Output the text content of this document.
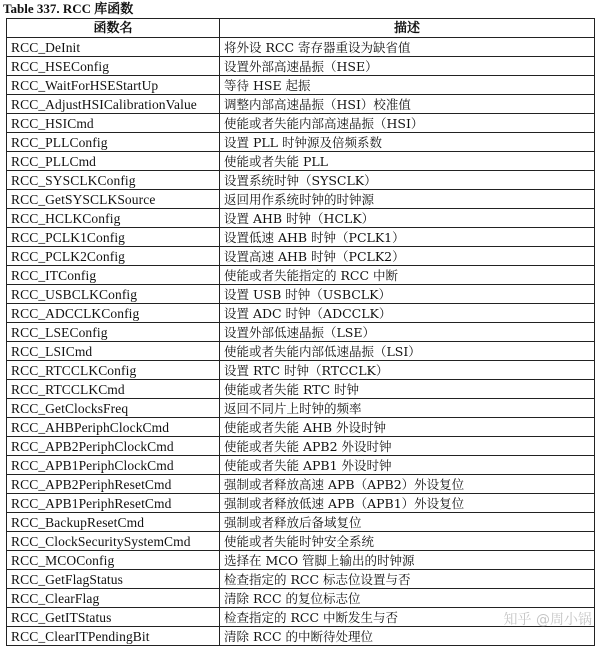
Table 337. RCC 库函数
函数名	描述
RCC_DeInit	将外设 RCC 寄存器重设为缺省值
RCC_HSEConfig	设置外部高速晶振（HSE）
RCC_WaitForHSEStartUp	等待 HSE 起振
RCC_AdjustHSICalibrationValue	调整内部高速晶振（HSI）校准值
RCC_HSICmd	使能或者失能内部高速晶振（HSI）
RCC_PLLConfig	设置 PLL 时钟源及倍频系数
RCC_PLLCmd	使能或者失能 PLL
RCC_SYSCLKConfig	设置系统时钟（SYSCLK）
RCC_GetSYSCLKSource	返回用作系统时钟的时钟源
RCC_HCLKConfig	设置 AHB 时钟（HCLK）
RCC_PCLK1Config	设置低速 AHB 时钟（PCLK1）
RCC_PCLK2Config	设置高速 AHB 时钟（PCLK2）
RCC_ITConfig	使能或者失能指定的 RCC 中断
RCC_USBCLKConfig	设置 USB 时钟（USBCLK）
RCC_ADCCLKConfig	设置 ADC 时钟（ADCCLK）
RCC_LSEConfig	设置外部低速晶振（LSE）
RCC_LSICmd	使能或者失能内部低速晶振（LSI）
RCC_RTCCLKConfig	设置 RTC 时钟（RTCCLK）
RCC_RTCCLKCmd	使能或者失能 RTC 时钟
RCC_GetClocksFreq	返回不同片上时钟的频率
RCC_AHBPeriphClockCmd	使能或者失能 AHB 外设时钟
RCC_APB2PeriphClockCmd	使能或者失能 APB2 外设时钟
RCC_APB1PeriphClockCmd	使能或者失能 APB1 外设时钟
RCC_APB2PeriphResetCmd	强制或者释放高速 APB（APB2）外设复位
RCC_APB1PeriphResetCmd	强制或者释放低速 APB（APB1）外设复位
RCC_BackupResetCmd	强制或者释放后备域复位
RCC_ClockSecuritySystemCmd	使能或者失能时钟安全系统
RCC_MCOConfig	选择在 MCO 管脚上输出的时钟源
RCC_GetFlagStatus	检查指定的 RCC 标志位设置与否
RCC_ClearFlag	清除 RCC 的复位标志位
RCC_GetITStatus	检查指定的 RCC 中断发生与否
RCC_ClearITPendingBit	清除 RCC 的中断待处理位
知乎 @周小锅
